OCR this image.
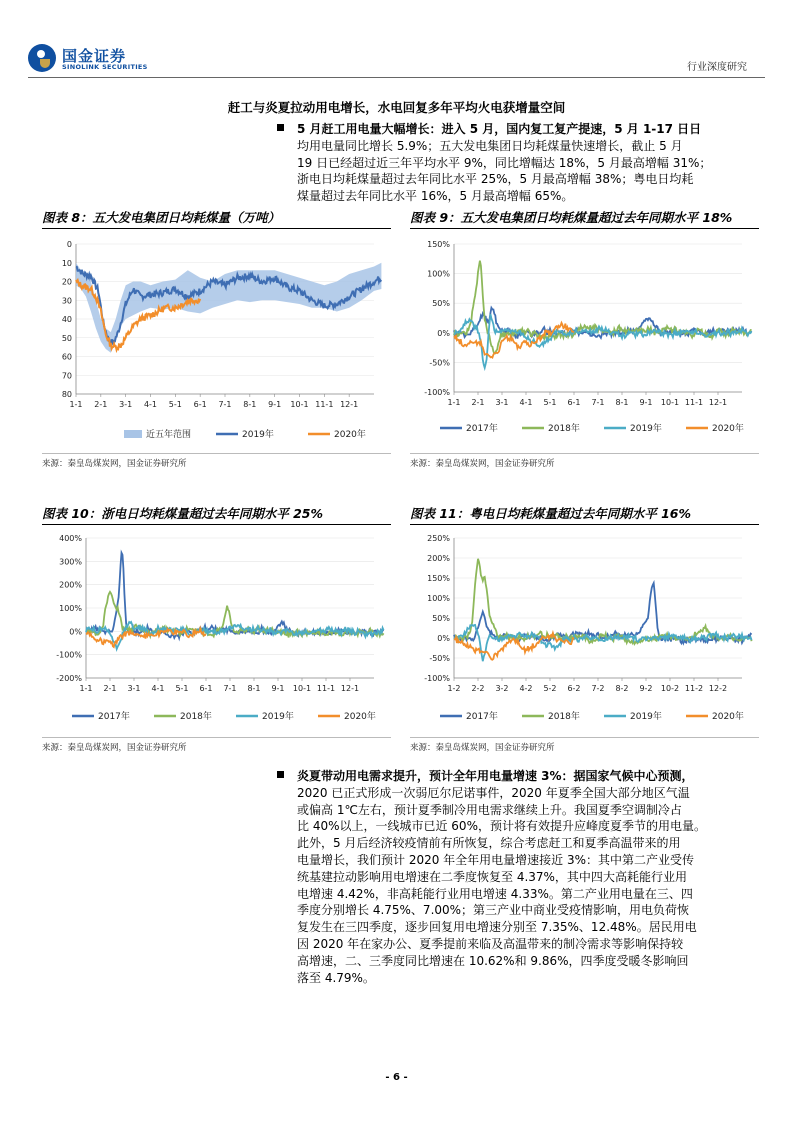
国金证券
SINOLINK SECURITIES	行业深度研究
赶工与炎夏拉动用电增长，水电回复多年平均火电获增量空间
5 月赶工用电量大幅增长：进入 5 月，国内复工复产提速，5 月 1-17 日日
均用电量同比增长 5.9%；五大发电集团日均耗煤量快速增长，截止 5 月
19 日已经超过近三年平均水平 9%，同比增幅达 18%，5 月最高增幅 31%；
浙电日均耗煤量超过去年同比水平 25%，5 月最高增幅 38%；粤电日均耗
煤量超过去年同比水平 16%，5 月最高增幅 65%。
图表 8：五大发电集团日均耗煤量（万吨）	图表 9：五大发电集团日均耗煤量超过去年同期水平 18%
图表 10：浙电日均耗煤量超过去年同期水平 25%	图表 11：粤电日均耗煤量超过去年同期水平 16%
0
10
20
30
40
50
60
70
80
1-1 2-1 3-1 4-1 5-1 6-1 7-1 8-1 9-1 10-1 11-1 12-1
近五年范围	2019年	2020年
150%
100%
50%
0%
-50%
-100%
1-1 2-1 3-1 4-1 5-1 6-1 7-1 8-1 9-1 10-1 11-1 12-1
2017年	2018年	2019年	2020年
400%
300%
200%
100%
0%
-100%
-200%
1-1 2-1 3-1 4-1 5-1 6-1 7-1 8-1 9-1 10-1 11-1 12-1
2017年	2018年	2019年	2020年
250%
200%
150%
100%
50%
0%
-50%
-100%
1-2 2-2 3-2 4-2 5-2 6-2 7-2 8-2 9-2 10-2 11-2 12-2
2017年	2018年	2019年	2020年
来源：秦皇岛煤炭网，国金证券研究所	来源：秦皇岛煤炭网，国金证券研究所
来源：秦皇岛煤炭网，国金证券研究所	来源：秦皇岛煤炭网，国金证券研究所
炎夏带动用电需求提升，预计全年用电量增速 3%：据国家气候中心预测，
2020 已正式形成一次弱厄尔尼诺事件，2020 年夏季全国大部分地区气温
或偏高 1℃左右，预计夏季制冷用电需求继续上升。我国夏季空调制冷占
比 40%以上，一线城市已近 60%，预计将有效提升应峰度夏季节的用电量。
此外，5 月后经济较疫情前有所恢复，综合考虑赶工和夏季高温带来的用
电量增长，我们预计 2020 年全年用电量增速接近 3%：其中第二产业受传
统基建拉动影响用电增速在二季度恢复至 4.37%，其中四大高耗能行业用
电增速 4.42%，非高耗能行业用电增速 4.33%。第二产业用电量在三、四
季度分别增长 4.75%、7.00%；第三产业中商业受疫情影响，用电负荷恢
复发生在三四季度，逐步回复用电增速分别至 7.35%、12.48%。居民用电
因 2020 年在家办公、夏季提前来临及高温带来的制冷需求等影响保持较
高增速，二、三季度同比增速在 10.62%和 9.86%，四季度受暖冬影响回
落至 4.79%。
- 6 -
